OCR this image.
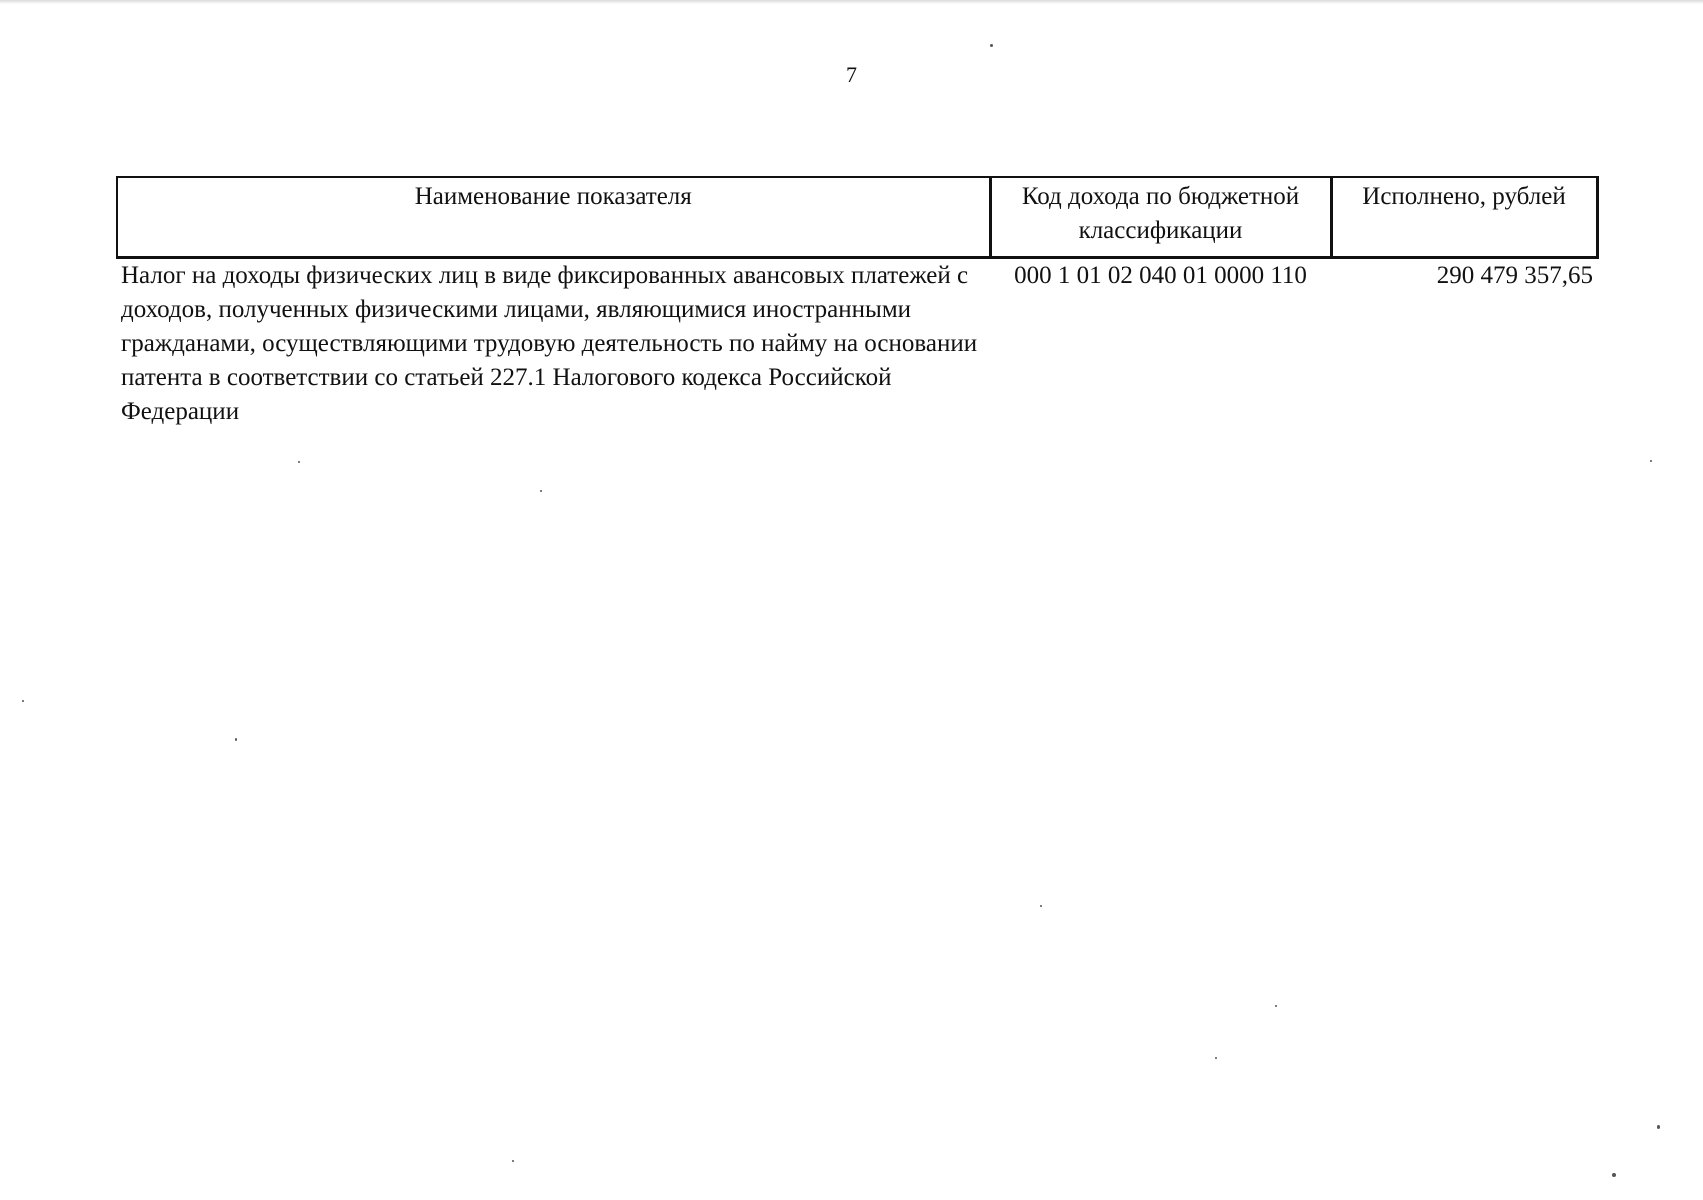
7
Наименование показателя	Код дохода по бюджетной классификации	Исполнено, рублей
Налог на доходы физических лиц в виде фиксированных авансовых платежей с доходов, полученных физическими лицами, являющимися иностранными гражданами, осуществляющими трудовую деятельность по найму на основании патента в соответствии со статьей 227.1 Налогового кодекса Российской Федерации	000 1 01 02 040 01 0000 110	290 479 357,65
